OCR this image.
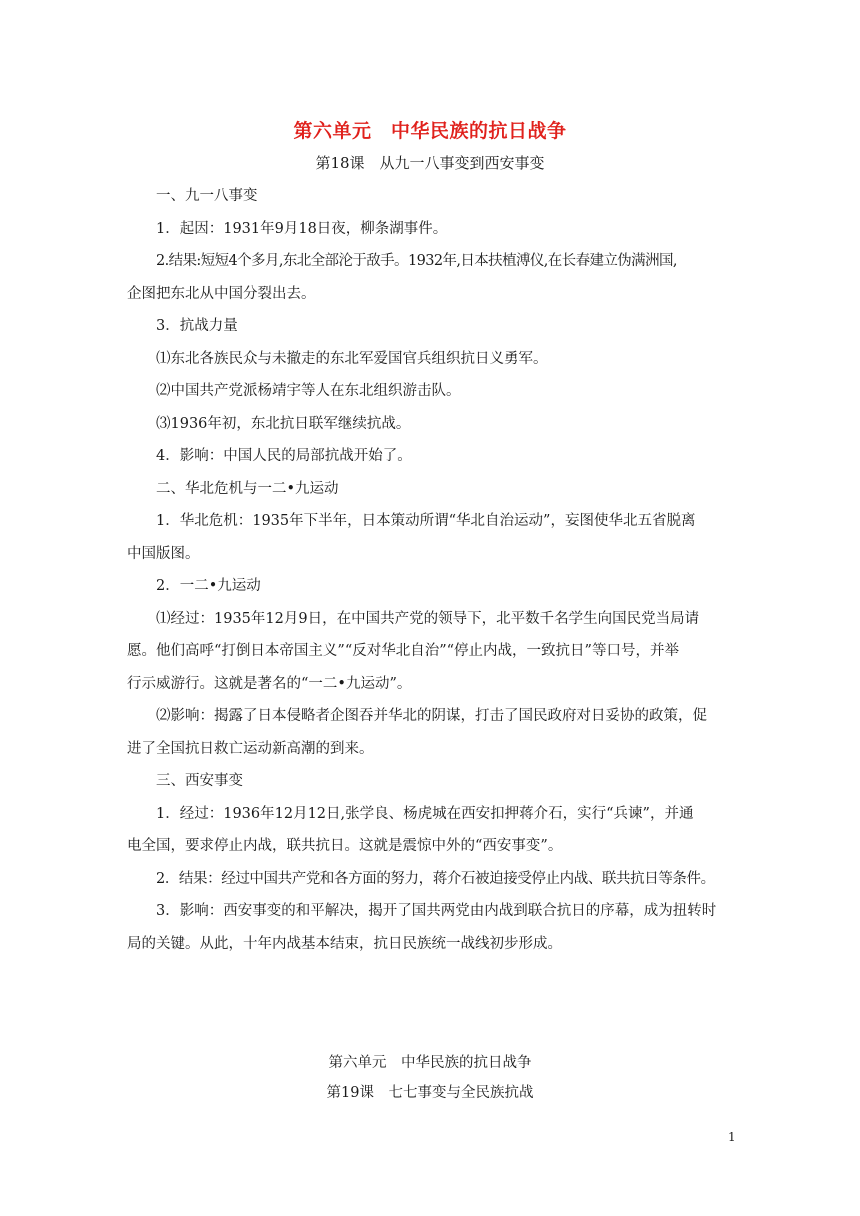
第六单元　中华民族的抗日战争
第18课　从九一八事变到西安事变

一、九一八事变

1．起因：1931年9月18日夜，柳条湖事件。

2.结果:短短4个多月,东北全部沦于敌手。1932年,日本扶植溥仪,在长春建立伪满洲国,

企图把东北从中国分裂出去。

3．抗战力量

⑴东北各族民众与未撤走的东北军爱国官兵组织抗日义勇军。

⑵中国共产党派杨靖宇等人在东北组织游击队。

⑶1936年初，东北抗日联军继续抗战。

4．影响：中国人民的局部抗战开始了。

二、华北危机与一二•九运动

1．华北危机：1935年下半年，日本策动所谓“华北自治运动”，妄图使华北五省脱离

中国版图。

2．一二•九运动

⑴经过：1935年12月9日，在中国共产党的领导下，北平数千名学生向国民党当局请

愿。他们高呼“打倒日本帝国主义”“反对华北自治”“停止内战，一致抗日”等口号，并举

行示威游行。这就是著名的“一二•九运动”。

⑵影响：揭露了日本侵略者企图吞并华北的阴谋，打击了国民政府对日妥协的政策，促

进了全国抗日救亡运动新高潮的到来。

三、西安事变

1．经过：1936年12月12日,张学良、杨虎城在西安扣押蒋介石，实行“兵谏”，并通

电全国，要求停止内战，联共抗日。这就是震惊中外的“西安事变”。

2．结果：经过中国共产党和各方面的努力，蒋介石被迫接受停止内战、联共抗日等条件。

3．影响：西安事变的和平解决，揭开了国共两党由内战到联合抗日的序幕，成为扭转时

局的关键。从此，十年内战基本结束，抗日民族统一战线初步形成。

第六单元　中华民族的抗日战争
第19课　七七事变与全民族抗战
1
